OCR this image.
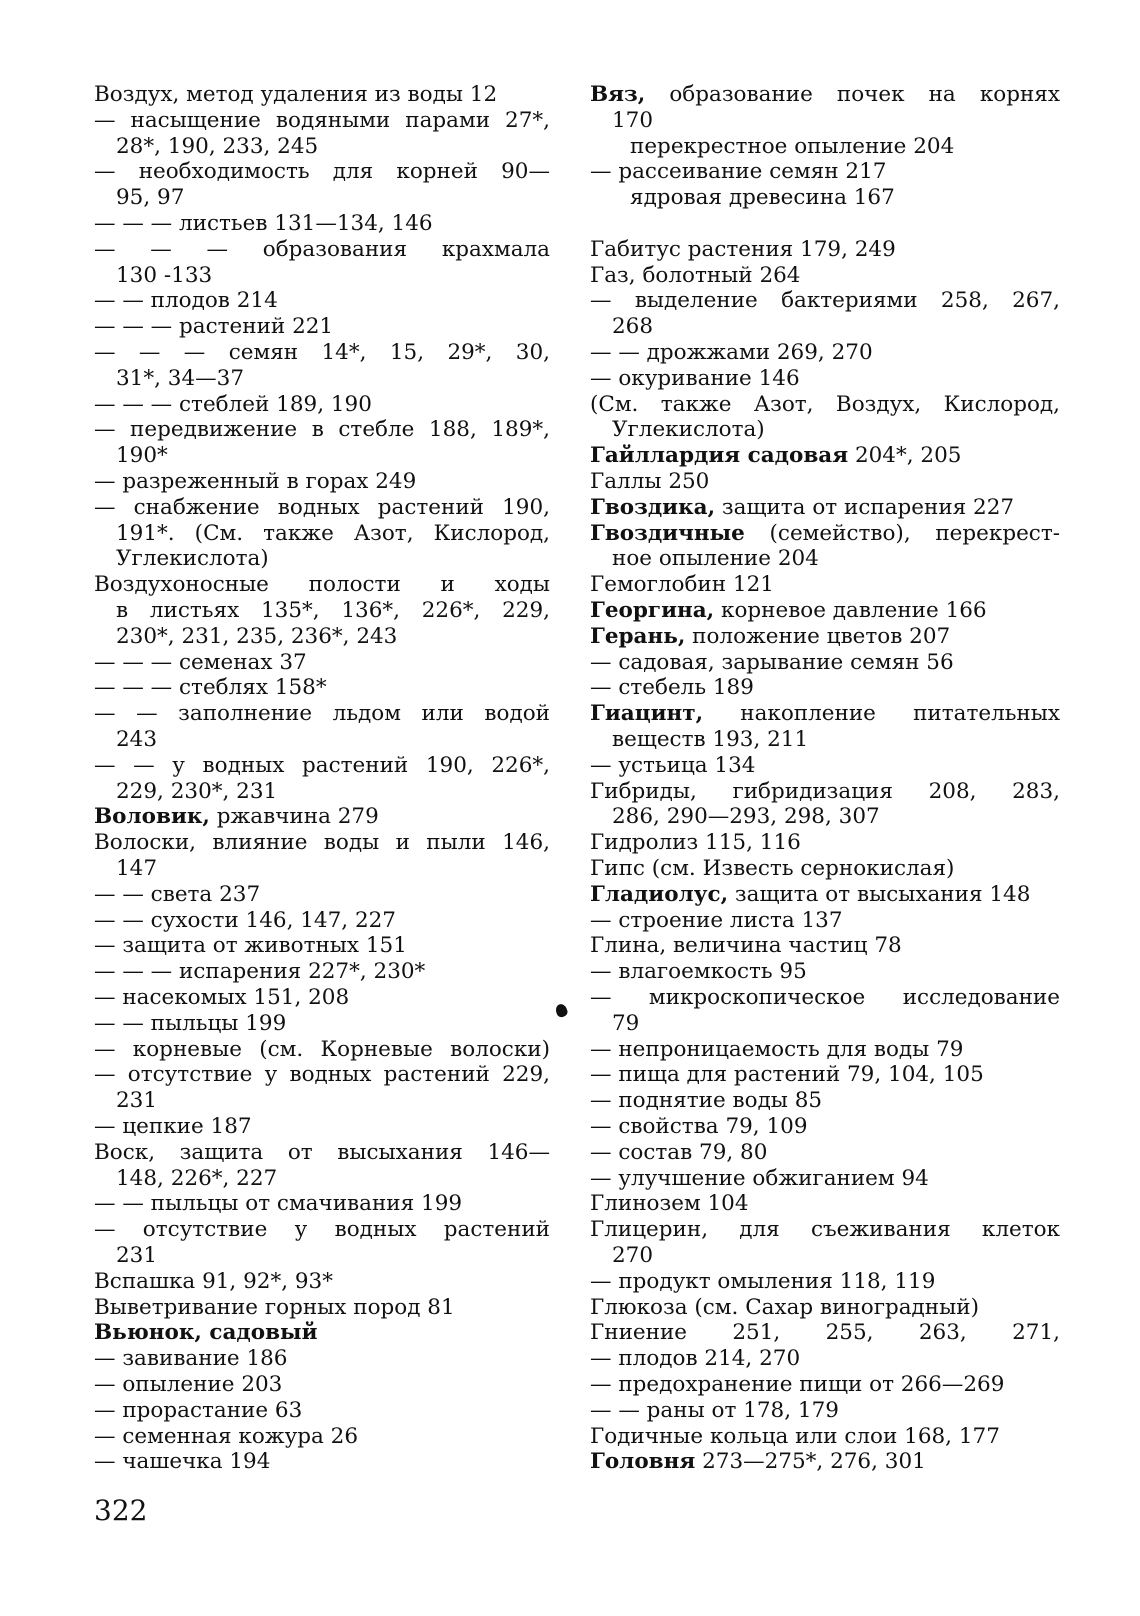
Воздух, метод удаления из воды 12
— насыщение водяными парами 27*,
28*, 190, 233, 245
— необходимость для корней 90—
95, 97
— — — листьев 131—134, 146
— — — образования крахмала
130 -133
— — плодов 214
— — — растений 221
— — — семян 14*, 15, 29*, 30,
31*, 34—37
— — — стеблей 189, 190
— передвижение в стебле 188, 189*,
190*
— разреженный в горах 249
— снабжение водных растений 190,
191*. (См. также Азот, Кислород,
Углекислота)
Воздухоносные полости и ходы
в листьях 135*, 136*, 226*, 229,
230*, 231, 235, 236*, 243
— — — семенах 37
— — — стеблях 158*
— — заполнение льдом или водой
243
— — у водных растений 190, 226*,
229, 230*, 231
Воловик, ржавчина 279
Волоски, влияние воды и пыли 146,
147
— — света 237
— — сухости 146, 147, 227
— защита от животных 151
— — — испарения 227*, 230*
— насекомых 151, 208
— — пыльцы 199
— корневые (см. Корневые волоски)
— отсутствие у водных растений 229,
231
— цепкие 187
Воск, защита от высыхания 146—
148, 226*, 227
— — пыльцы от смачивания 199
— отсутствие у водных растений
231
Вспашка 91, 92*, 93*
Выветривание горных пород 81
Вьюнок, садовый
— завивание 186
— опыление 203
— прорастание 63
— семенная кожура 26
— чашечка 194
Вяз, образование почек на корнях
170
перекрестное опыление 204
— рассеивание семян 217
ядровая древесина 167
Габитус растения 179, 249
Газ, болотный 264
— выделение бактериями 258, 267,
268
— — дрожжами 269, 270
— окуривание 146
(См. также Азот, Воздух, Кислород,
Углекислота)
Гайллардия садовая 204*, 205
Галлы 250
Гвоздика, защита от испарения 227
Гвоздичные (семейство), перекрест-
ное опыление 204
Гемоглобин 121
Георгина, корневое давление 166
Герань, положение цветов 207
— садовая, зарывание семян 56
— стебель 189
Гиацинт, накопление питательных
веществ 193, 211
— устьица 134
Гибриды, гибридизация 208, 283,
286, 290—293, 298, 307
Гидролиз 115, 116
Гипс (см. Известь сернокислая)
Гладиолус, защита от высыхания 148
— строение листа 137
Глина, величина частиц 78
— влагоемкость 95
— микроскопическое исследование
79
— непроницаемость для воды 79
— пища для растений 79, 104, 105
— поднятие воды 85
— свойства 79, 109
— состав 79, 80
— улучшение обжиганием 94
Глинозем 104
Глицерин, для съеживания клеток
270
— продукт омыления 118, 119
Глюкоза (см. Сахар виноградный)
Гниение 251, 255, 263, 271,
— плодов 214, 270
— предохранение пищи от 266—269
— — раны от 178, 179
Годичные кольца или слои 168, 177
Головня 273—275*, 276, 301
322
